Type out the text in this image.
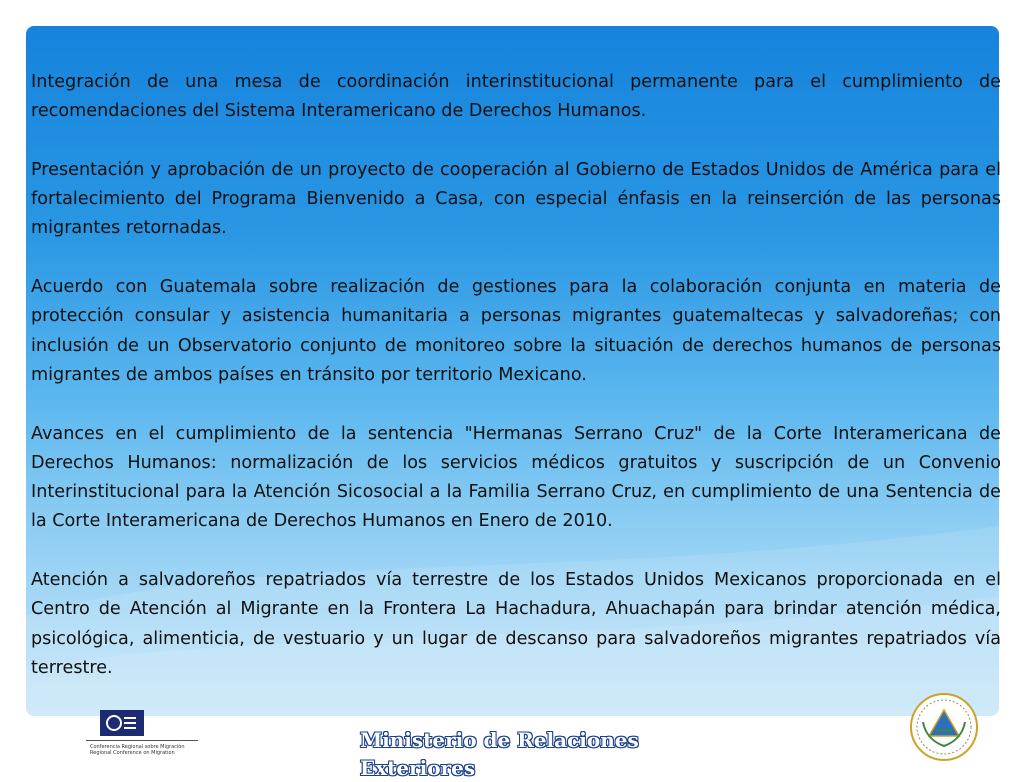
Integración de una mesa de coordinación interinstitucional permanente para el cumplimiento de recomendaciones del Sistema Interamericano de Derechos Humanos.

Presentación y aprobación de un proyecto de cooperación al Gobierno de Estados Unidos de América para el fortalecimiento del Programa Bienvenido a Casa, con especial énfasis en la reinserción de las personas migrantes retornadas.

Acuerdo con Guatemala sobre realización de gestiones para la colaboración conjunta en materia de protección consular y asistencia humanitaria a personas migrantes guatemaltecas y salvadoreñas; con inclusión de un Observatorio conjunto de monitoreo sobre la situación de derechos humanos de personas migrantes de ambos países en tránsito por territorio Mexicano.

Avances en el cumplimiento de la sentencia "Hermanas Serrano Cruz" de la Corte Interamericana de Derechos Humanos: normalización de los servicios médicos gratuitos y suscripción de un Convenio Interinstitucional para la Atención Sicosocial a la Familia Serrano Cruz, en cumplimiento de una Sentencia de la Corte Interamericana de Derechos Humanos en Enero de 2010.

Atención a salvadoreños repatriados vía terrestre de los Estados Unidos Mexicanos proporcionada en el Centro de Atención al Migrante en la Frontera La Hachadura, Ahuachapán para brindar atención médica, psicológica, alimenticia, de vestuario y un lugar de descanso para salvadoreños migrantes repatriados vía terrestre.

Conferencia Regional sobre Migración
Regional Conference on Migration
Ministerio de Relaciones Exteriores
